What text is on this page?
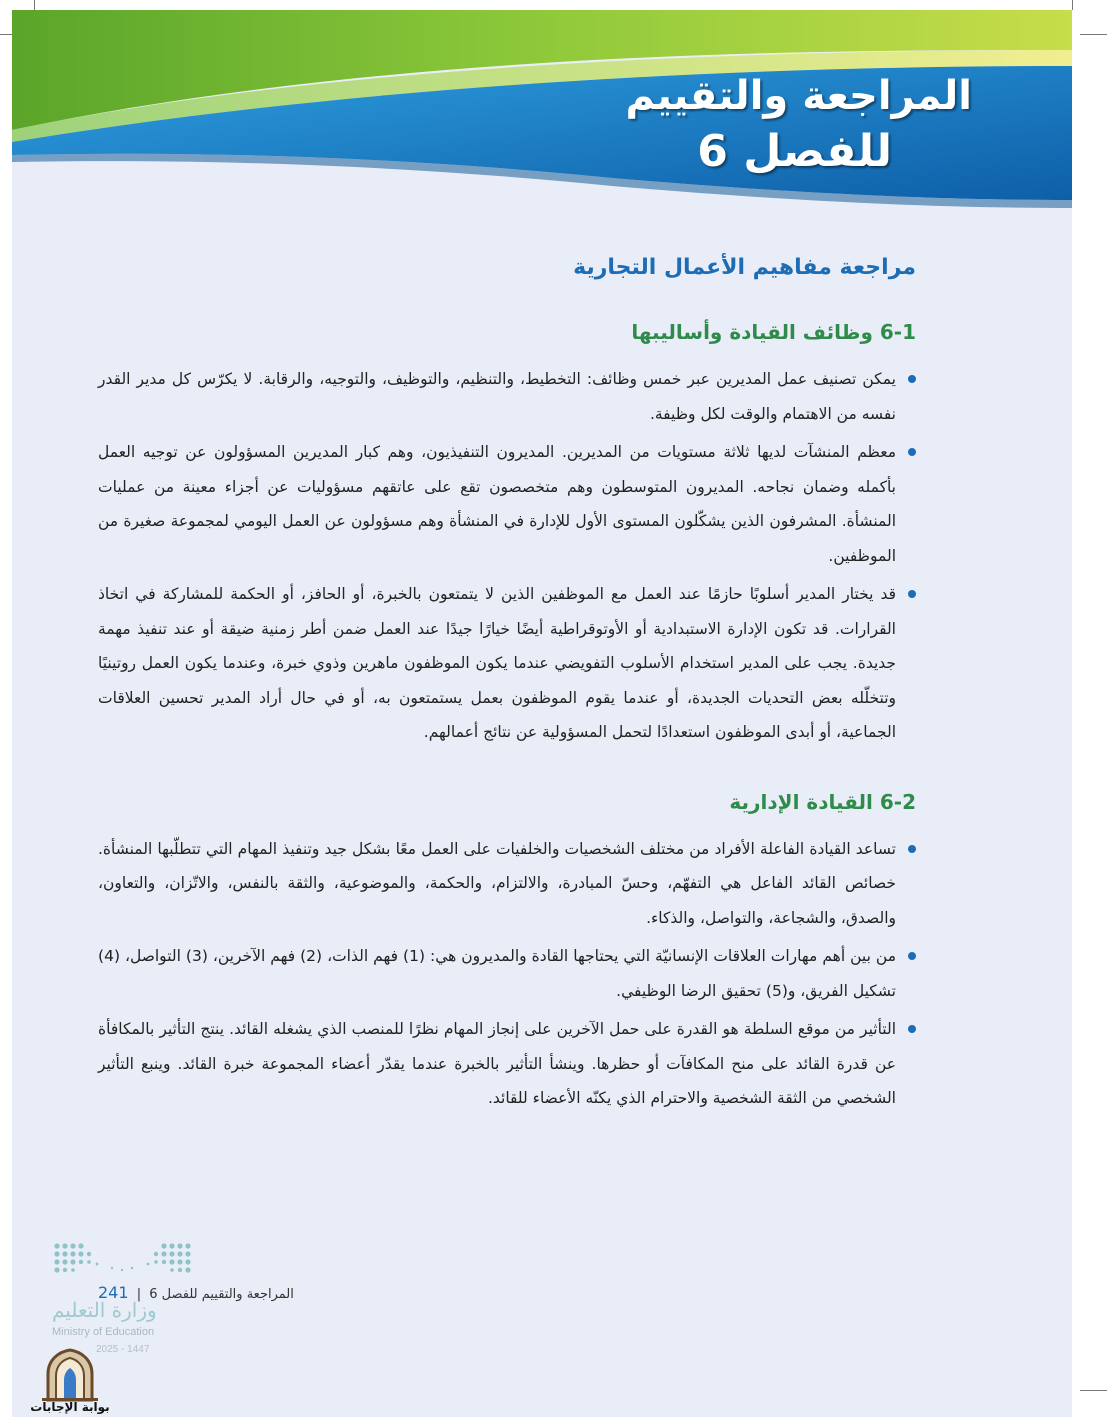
المراجعة والتقييم
للفصل 6
مراجعة مفاهيم الأعمال التجارية
6-1 وظائف القيادة وأساليبها
يمكن تصنيف عمل المديرين عبر خمس وظائف: التخطيط، والتنظيم، والتوظيف، والتوجيه، والرقابة. لا يكرّس كل مدير القدر نفسه من الاهتمام والوقت لكل وظيفة.
معظم المنشآت لديها ثلاثة مستويات من المديرين. المديرون التنفيذيون، وهم كبار المديرين المسؤولون عن توجيه العمل بأكمله وضمان نجاحه. المديرون المتوسطون وهم متخصصون تقع على عاتقهم مسؤوليات عن أجزاء معينة من عمليات المنشأة. المشرفون الذين يشكّلون المستوى الأول للإدارة في المنشأة وهم مسؤولون عن العمل اليومي لمجموعة صغيرة من الموظفين.
قد يختار المدير أسلوبًا حازمًا عند العمل مع الموظفين الذين لا يتمتعون بالخبرة، أو الحافز، أو الحكمة للمشاركة في اتخاذ القرارات. قد تكون الإدارة الاستبدادية أو الأوتوقراطية أيضًا خيارًا جيدًا عند العمل ضمن أطر زمنية ضيقة أو عند تنفيذ مهمة جديدة. يجب على المدير استخدام الأسلوب التفويضي عندما يكون الموظفون ماهرين وذوي خبرة، وعندما يكون العمل روتينيًا وتتخلّله بعض التحديات الجديدة، أو عندما يقوم الموظفون بعمل يستمتعون به، أو في حال أراد المدير تحسين العلاقات الجماعية، أو أبدى الموظفون استعدادًا لتحمل المسؤولية عن نتائج أعمالهم.
6-2 القيادة الإدارية
تساعد القيادة الفاعلة الأفراد من مختلف الشخصيات والخلفيات على العمل معًا بشكل جيد وتنفيذ المهام التي تتطلّبها المنشأة. خصائص القائد الفاعل هي التفهّم، وحسّ المبادرة، والالتزام، والحكمة، والموضوعية، والثقة بالنفس، والاتّزان، والتعاون، والصدق، والشجاعة، والتواصل، والذكاء.
من بين أهم مهارات العلاقات الإنسانيّة التي يحتاجها القادة والمديرون هي: (1) فهم الذات، (2) فهم الآخرين، (3) التواصل، (4) تشكيل الفريق، و(5) تحقيق الرضا الوظيفي.
التأثير من موقع السلطة هو القدرة على حمل الآخرين على إنجاز المهام نظرًا للمنصب الذي يشغله القائد. ينتج التأثير بالمكافأة عن قدرة القائد على منح المكافآت أو حظرها. وينشأ التأثير بالخبرة عندما يقدّر أعضاء المجموعة خبرة القائد. وينبع التأثير الشخصي من الثقة الشخصية والاحترام الذي يكنّه الأعضاء للقائد.
وزارة التعليم
Ministry of Education
2025 - 1447
المراجعة والتقييم للفصل 6 | 241
بوابة الإجابات
